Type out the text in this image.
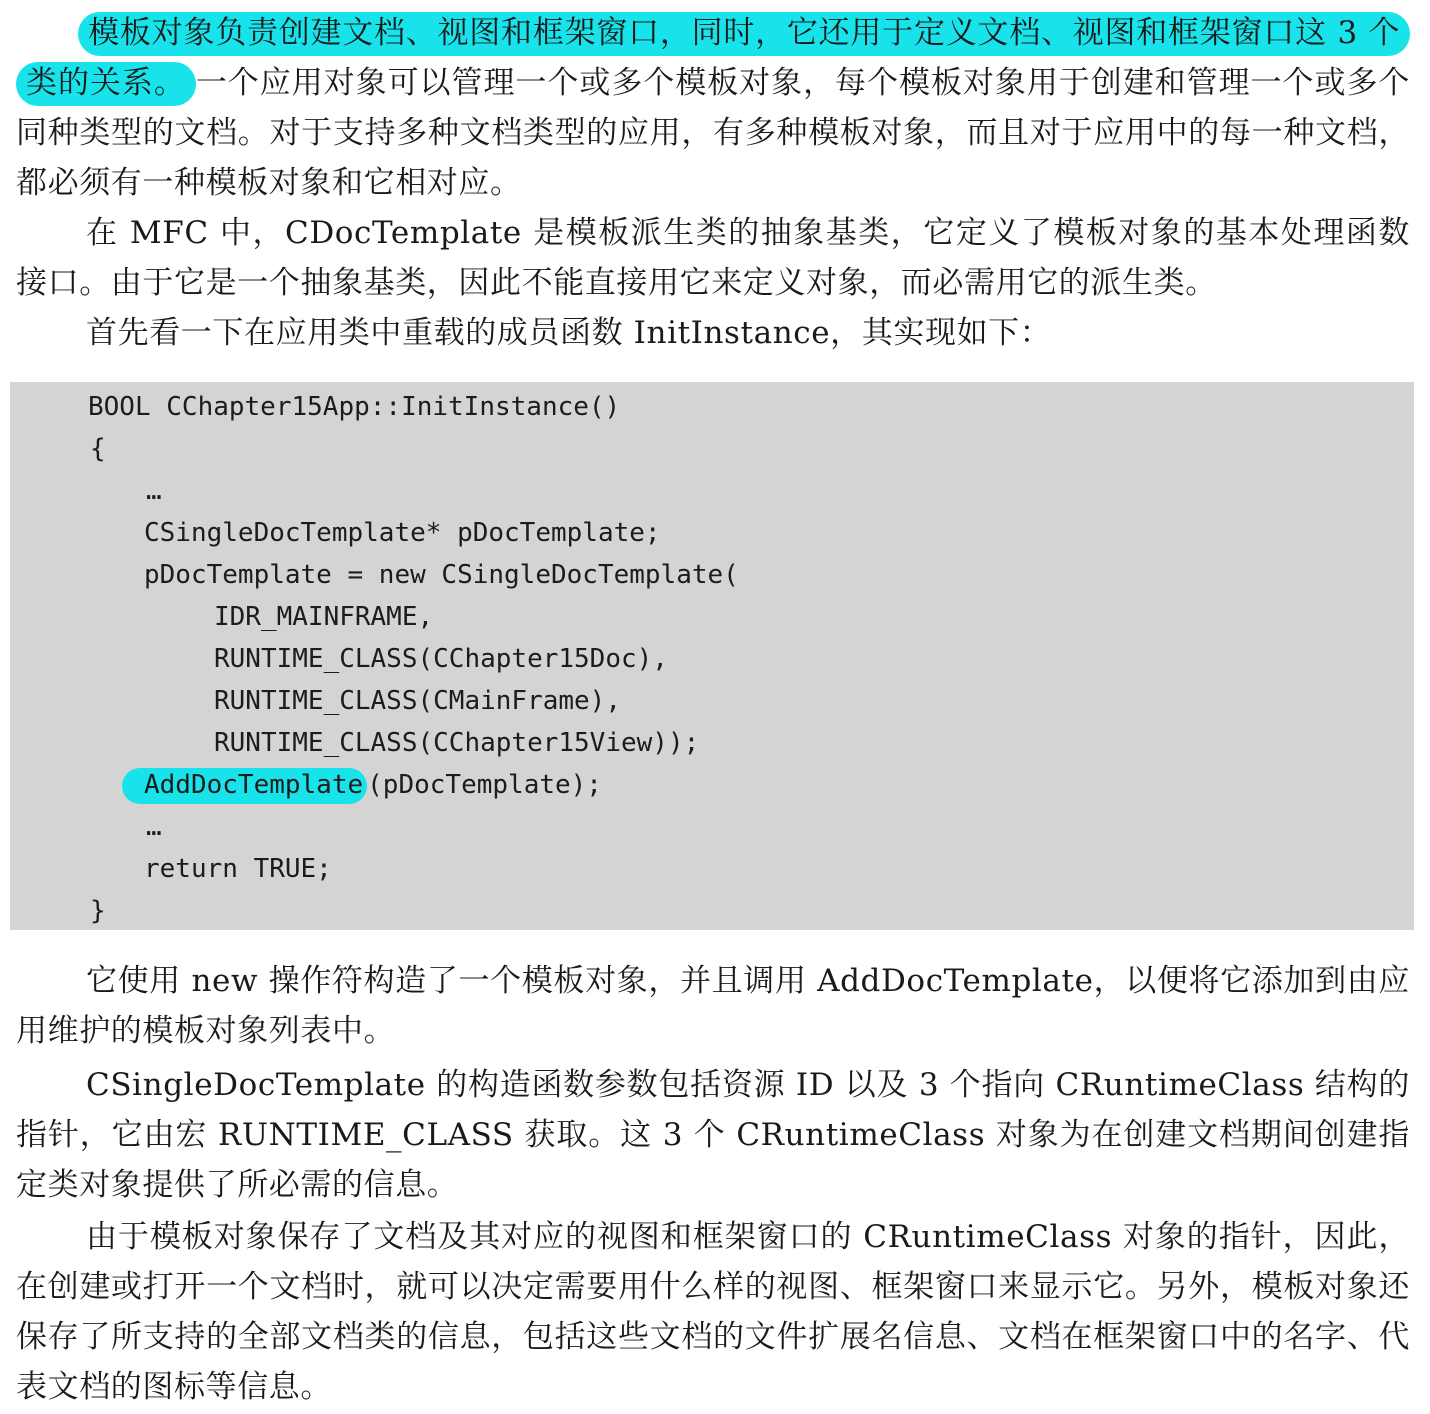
模板对象负责创建文档、视图和框架窗口，同时，它还用于定义文档、视图和框架窗口这 3 个类的关系。 一个应用对象可以管理一个或多个模板对象，每个模板对象用于创建和管理一个或多个同种类型的文档。对于支持多种文档类型的应用，有多种模板对象，而且对于应用中的每一种文档，都必须有一种模板对象和它相对应。

在 MFC 中，CDocTemplate 是模板派生类的抽象基类，它定义了模板对象的基本处理函数接口。由于它是一个抽象基类，因此不能直接用它来定义对象，而必需用它的派生类。

首先看一下在应用类中重载的成员函数 InitInstance，其实现如下：

BOOL CChapter15App::InitInstance()
{
…
CSingleDocTemplate* pDocTemplate;
pDocTemplate = new CSingleDocTemplate(
IDR_MAINFRAME,
RUNTIME_CLASS(CChapter15Doc),
RUNTIME_CLASS(CMainFrame),
RUNTIME_CLASS(CChapter15View));
AddDocTemplate (pDocTemplate);
…
return TRUE;
}

它使用 new 操作符构造了一个模板对象，并且调用 AddDocTemplate，以便将它添加到由应用维护的模板对象列表中。

CSingleDocTemplate 的构造函数参数包括资源 ID 以及 3 个指向 CRuntimeClass 结构的指针，它由宏 RUNTIME_CLASS 获取。这 3 个 CRuntimeClass 对象为在创建文档期间创建指定类对象提供了所必需的信息。

由于模板对象保存了文档及其对应的视图和框架窗口的 CRuntimeClass 对象的指针，因此，在创建或打开一个文档时，就可以决定需要用什么样的视图、框架窗口来显示它。另外，模板对象还保存了所支持的全部文档类的信息，包括这些文档的文件扩展名信息、文档在框架窗口中的名字、代表文档的图标等信息。
